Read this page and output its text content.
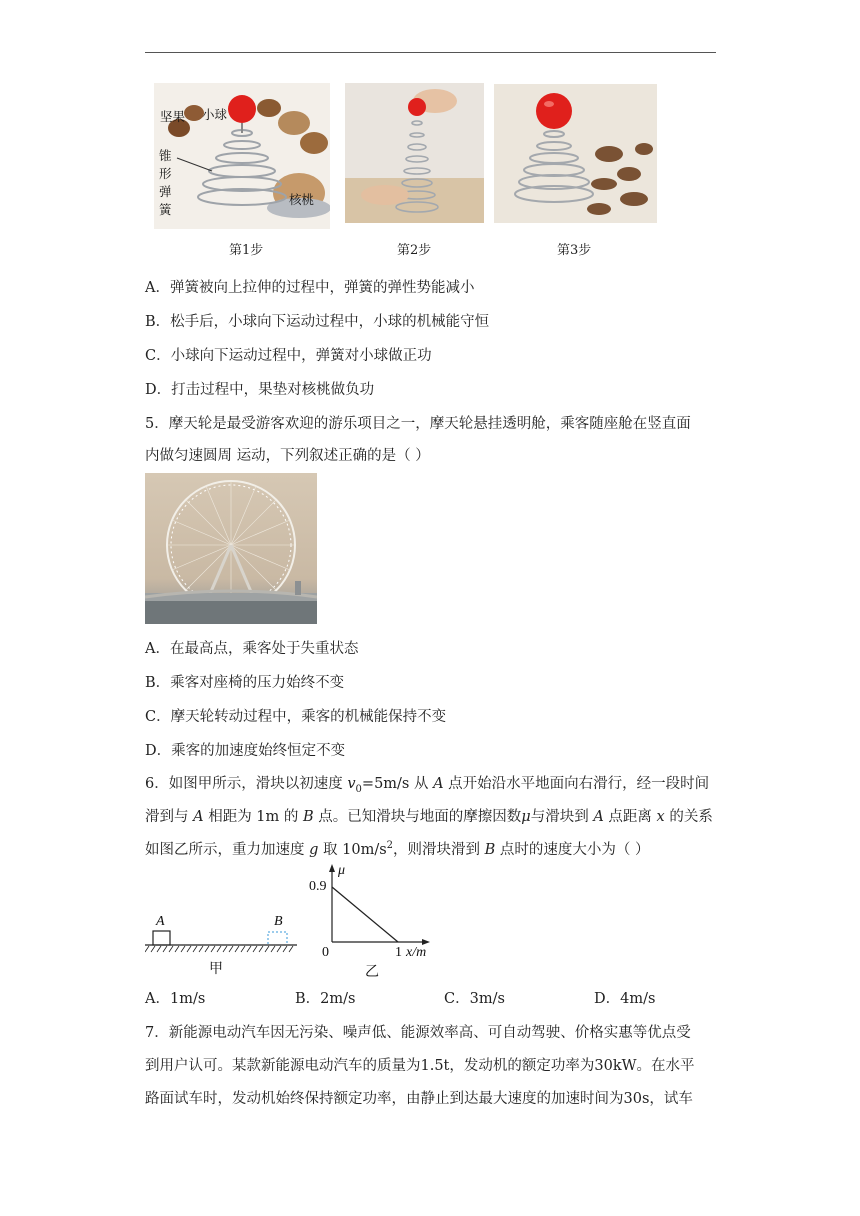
坚果 小球
锥形弹簧
核桃
第1步	第2步	第3步
A．弹簧被向上拉伸的过程中，弹簧的弹性势能减小
B．松手后，小球向下运动过程中，小球的机械能守恒
C．小球向下运动过程中，弹簧对小球做正功
D．打击过程中，果垫对核桃做负功
5．摩天轮是最受游客欢迎的游乐项目之一，摩天轮悬挂透明舱，乘客随座舱在竖直面
内做匀速圆周 运动，下列叙述正确的是（ ）
A．在最高点，乘客处于失重状态
B．乘客对座椅的压力始终不变
C．摩天轮转动过程中，乘客的机械能保持不变
D．乘客的加速度始终恒定不变
6．如图甲所示，滑块以初速度 $v_0=5m/s$ 从 A 点开始沿水平地面向右滑行，经一段时间
滑到与 A 相距为 1m 的 B 点。已知滑块与地面的摩擦因数μ与滑块到 A 点距离 x 的关系
如图乙所示，重力加速度 g 取 $10m/s^2$，则滑块滑到 B 点时的速度大小为（ ）
A	B
甲
μ
0.9
0	1 x/m
乙
A．1m/s	B．2m/s	C．3m/s	D．4m/s
7．新能源电动汽车因无污染、噪声低、能源效率高、可自动驾驶、价格实惠等优点受
到用户认可。某款新能源电动汽车的质量为1.5t，发动机的额定功率为30kW。在水平
路面试车时，发动机始终保持额定功率，由静止到达最大速度的加速时间为30s，试车
